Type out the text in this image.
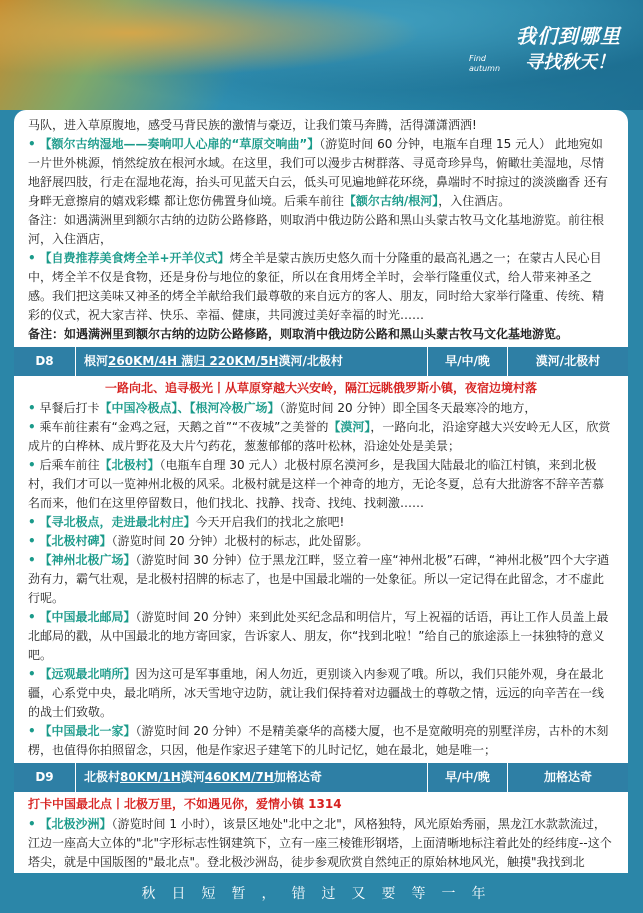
我们到哪里
Find
autumn 寻找秋天！

马队，进入草原腹地，感受马背民族的激情与豪迈，让我们策马奔腾，活得潇潇洒洒!

• 【额尔古纳湿地——奏响叩人心扉的“草原交响曲”】（游览时间 60 分钟，电瓶车自理 15 元人） 此地宛如一片世外桃源，悄然绽放在根河水域。在这里，我们可以漫步古树群落、寻觅奇珍异鸟，俯瞰壮美湿地，尽情地舒展四肢，行走在湿地花海，抬头可见蓝天白云，低头可见遍地鲜花环绕，鼻端时不时掠过的淡淡幽香 还有身畔无意擦肩的嬉戏彩蝶 都让您仿佛置身仙境。后乘车前往【额尔古纳/根河】，入住酒店。

备注：如遇满洲里到额尔古纳的边防公路修路，则取消中俄边防公路和黑山头蒙古牧马文化基地游览。前往根河，入住酒店，

• 【自费推荐美食烤全羊+开羊仪式】烤全羊是蒙古族历史悠久而十分隆重的最高礼遇之一；在蒙古人民心目中，烤全羊不仅是食物，还是身份与地位的象征，所以在食用烤全羊时，会举行隆重仪式，给人带来神圣之感。我们把这美味又神圣的烤全羊献给我们最尊敬的来自远方的客人、朋友，同时给大家举行隆重、传统、精彩的仪式，祝大家吉祥、快乐、幸福、健康，共同渡过美好幸福的时光……

备注：如遇满洲里到额尔古纳的边防公路修路，则取消中俄边防公路和黑山头蒙古牧马文化基地游览。

D8	根河 260KM/4H 满归 220KM/5H 漠河/北极村	早/中/晚	漠河/北极村

一路向北、追寻极光丨从草原穿越大兴安岭，隔江远眺俄罗斯小镇，夜宿边境村落

• 早餐后打卡【中国冷极点】、【根河冷极广场】（游览时间 20 分钟）即全国冬天最寒冷的地方，

• 乘车前往素有“金鸡之冠，天鹅之首”“不夜城”之美誉的【漠河】，一路向北，沿途穿越大兴安岭无人区，欣赏成片的白桦林、成片野花及大片勺药花，葱葱郁郁的落叶松林，沿途处处是美景；

• 后乘车前往【北极村】（电瓶车自理 30 元人）北极村原名漠河乡，是我国大陆最北的临江村镇，来到北极村，我们才可以一览神州北极的风采。北极村就是这样一个神奇的地方，无论冬夏，总有大批游客不辞辛苦慕名而来，他们在这里停留数日，他们找北、找静、找奇、找纯、找刺激……

• 【寻北极点，走进最北村庄】今天开启我们的找北之旅吧!

• 【北极村碑】（游览时间 20 分钟）北极村的标志，此处留影。

• 【神州北极广场】（游览时间 30 分钟）位于黑龙江畔，竖立着一座“神州北极”石碑，“神州北极”四个大字遒劲有力，霸气壮观，是北极村招牌的标志了，也是中国最北端的一处象征。所以一定记得在此留念，才不虚此行呢。

• 【中国最北邮局】（游览时间 20 分钟）来到此处买纪念品和明信片，写上祝福的话语，再让工作人员盖上最北邮局的戳，从中国最北的地方寄回家，告诉家人、朋友，你“找到北啦！”给自己的旅途添上一抹独特的意义吧。

• 【远观最北哨所】因为这可是军事重地，闲人勿近，更别谈入内参观了哦。所以，我们只能外观，身在最北疆，心系党中央，最北哨所，冰天雪地守边防，就让我们保持着对边疆战士的尊敬之情，远远的向辛苦在一线的战士们致敬。

• 【中国最北一家】（游览时间 20 分钟）不是精美豪华的高楼大厦，也不是宽敞明亮的别墅洋房，古朴的木刻楞，也值得你拍照留念，只因，他是作家迟子建笔下的儿时记忆，她在最北，她是唯一；

D9	北极村 80KM/1H 漠河 460KM/7H 加格达奇	早/中/晚	加格达奇

打卡中国最北点丨北极万里，不如遇见你，爱情小镇 1314

• 【北极沙洲】（游览时间 1 小时），该景区地处"北中之北"，风格独特，风光原始秀丽，黑龙江水款款流过，江边一座高大立体的"北"字形标志性钢建筑下，立有一座三棱锥形钢塔，上面清晰地标注着此处的经纬度--这个塔尖，就是中国版图的"最北点"。登北极沙洲岛，徒步参观欣赏自然纯正的原始林地风光，触摸"我找到北

秋日短暂，错过又要等一年
